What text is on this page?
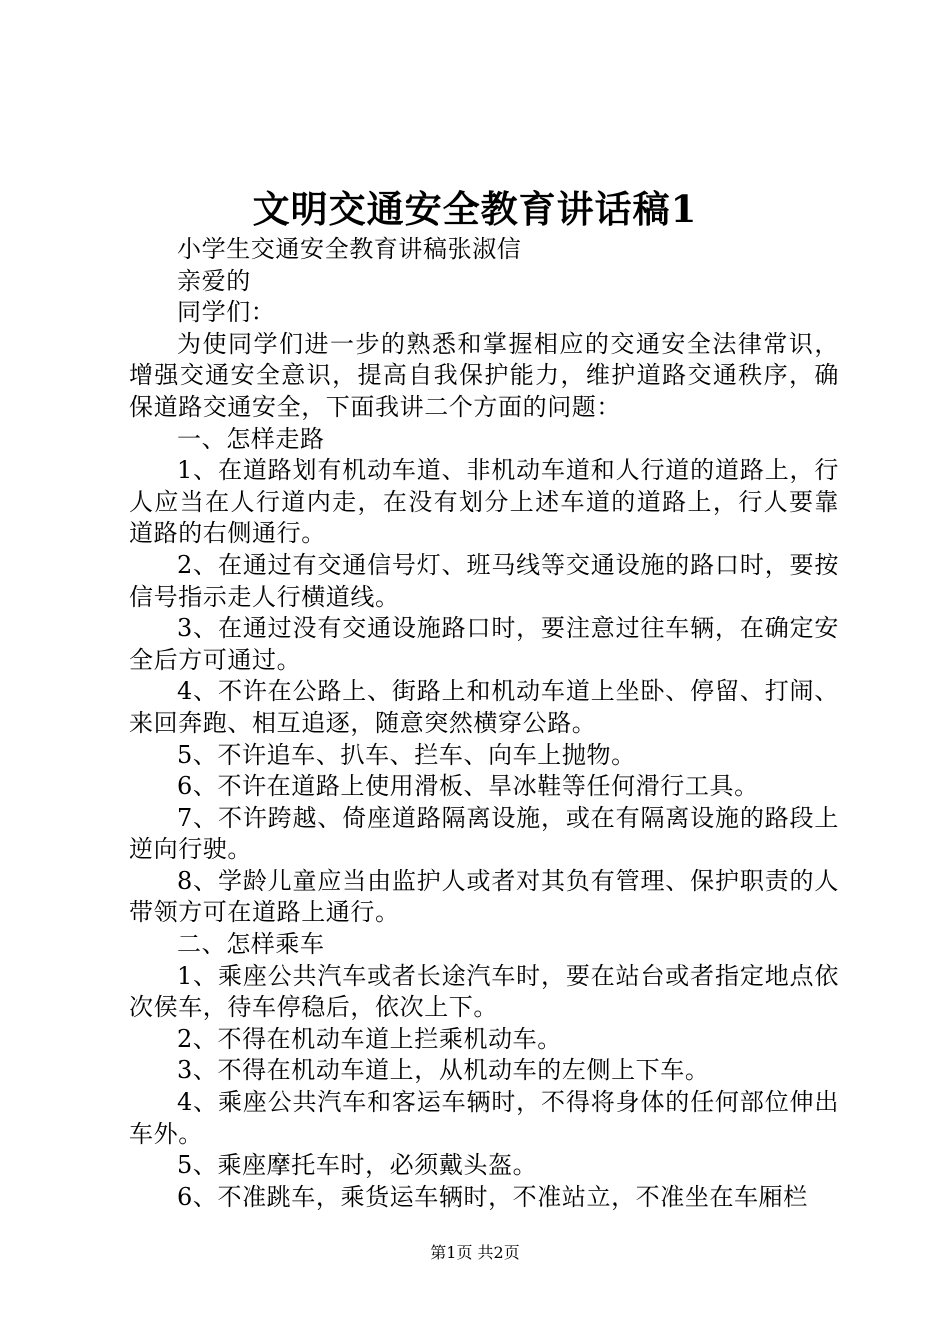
文明交通安全教育讲话稿1

小学生交通安全教育讲稿张淑信

亲爱的

同学们：

为使同学们进一步的熟悉和掌握相应的交通安全法律常识，增强交通安全意识，提高自我保护能力，维护道路交通秩序，确保道路交通安全，下面我讲二个方面的问题：

一、怎样走路

1、在道路划有机动车道、非机动车道和人行道的道路上，行人应当在人行道内走，在没有划分上述车道的道路上，行人要靠道路的右侧通行。

2、在通过有交通信号灯、班马线等交通设施的路口时，要按信号指示走人行横道线。

3、在通过没有交通设施路口时，要注意过往车辆，在确定安全后方可通过。

4、不许在公路上、街路上和机动车道上坐卧、停留、打闹、来回奔跑、相互追逐，随意突然横穿公路。

5、不许追车、扒车、拦车、向车上抛物。

6、不许在道路上使用滑板、旱冰鞋等任何滑行工具。

7、不许跨越、倚座道路隔离设施，或在有隔离设施的路段上逆向行驶。

8、学龄儿童应当由监护人或者对其负有管理、保护职责的人带领方可在道路上通行。

二、怎样乘车

1、乘座公共汽车或者长途汽车时，要在站台或者指定地点依次侯车，待车停稳后，依次上下。

2、不得在机动车道上拦乘机动车。

3、不得在机动车道上，从机动车的左侧上下车。

4、乘座公共汽车和客运车辆时，不得将身体的任何部位伸出车外。

5、乘座摩托车时，必须戴头盔。

6、不准跳车，乘货运车辆时，不准站立，不准坐在车厢栏

第1页 共2页
